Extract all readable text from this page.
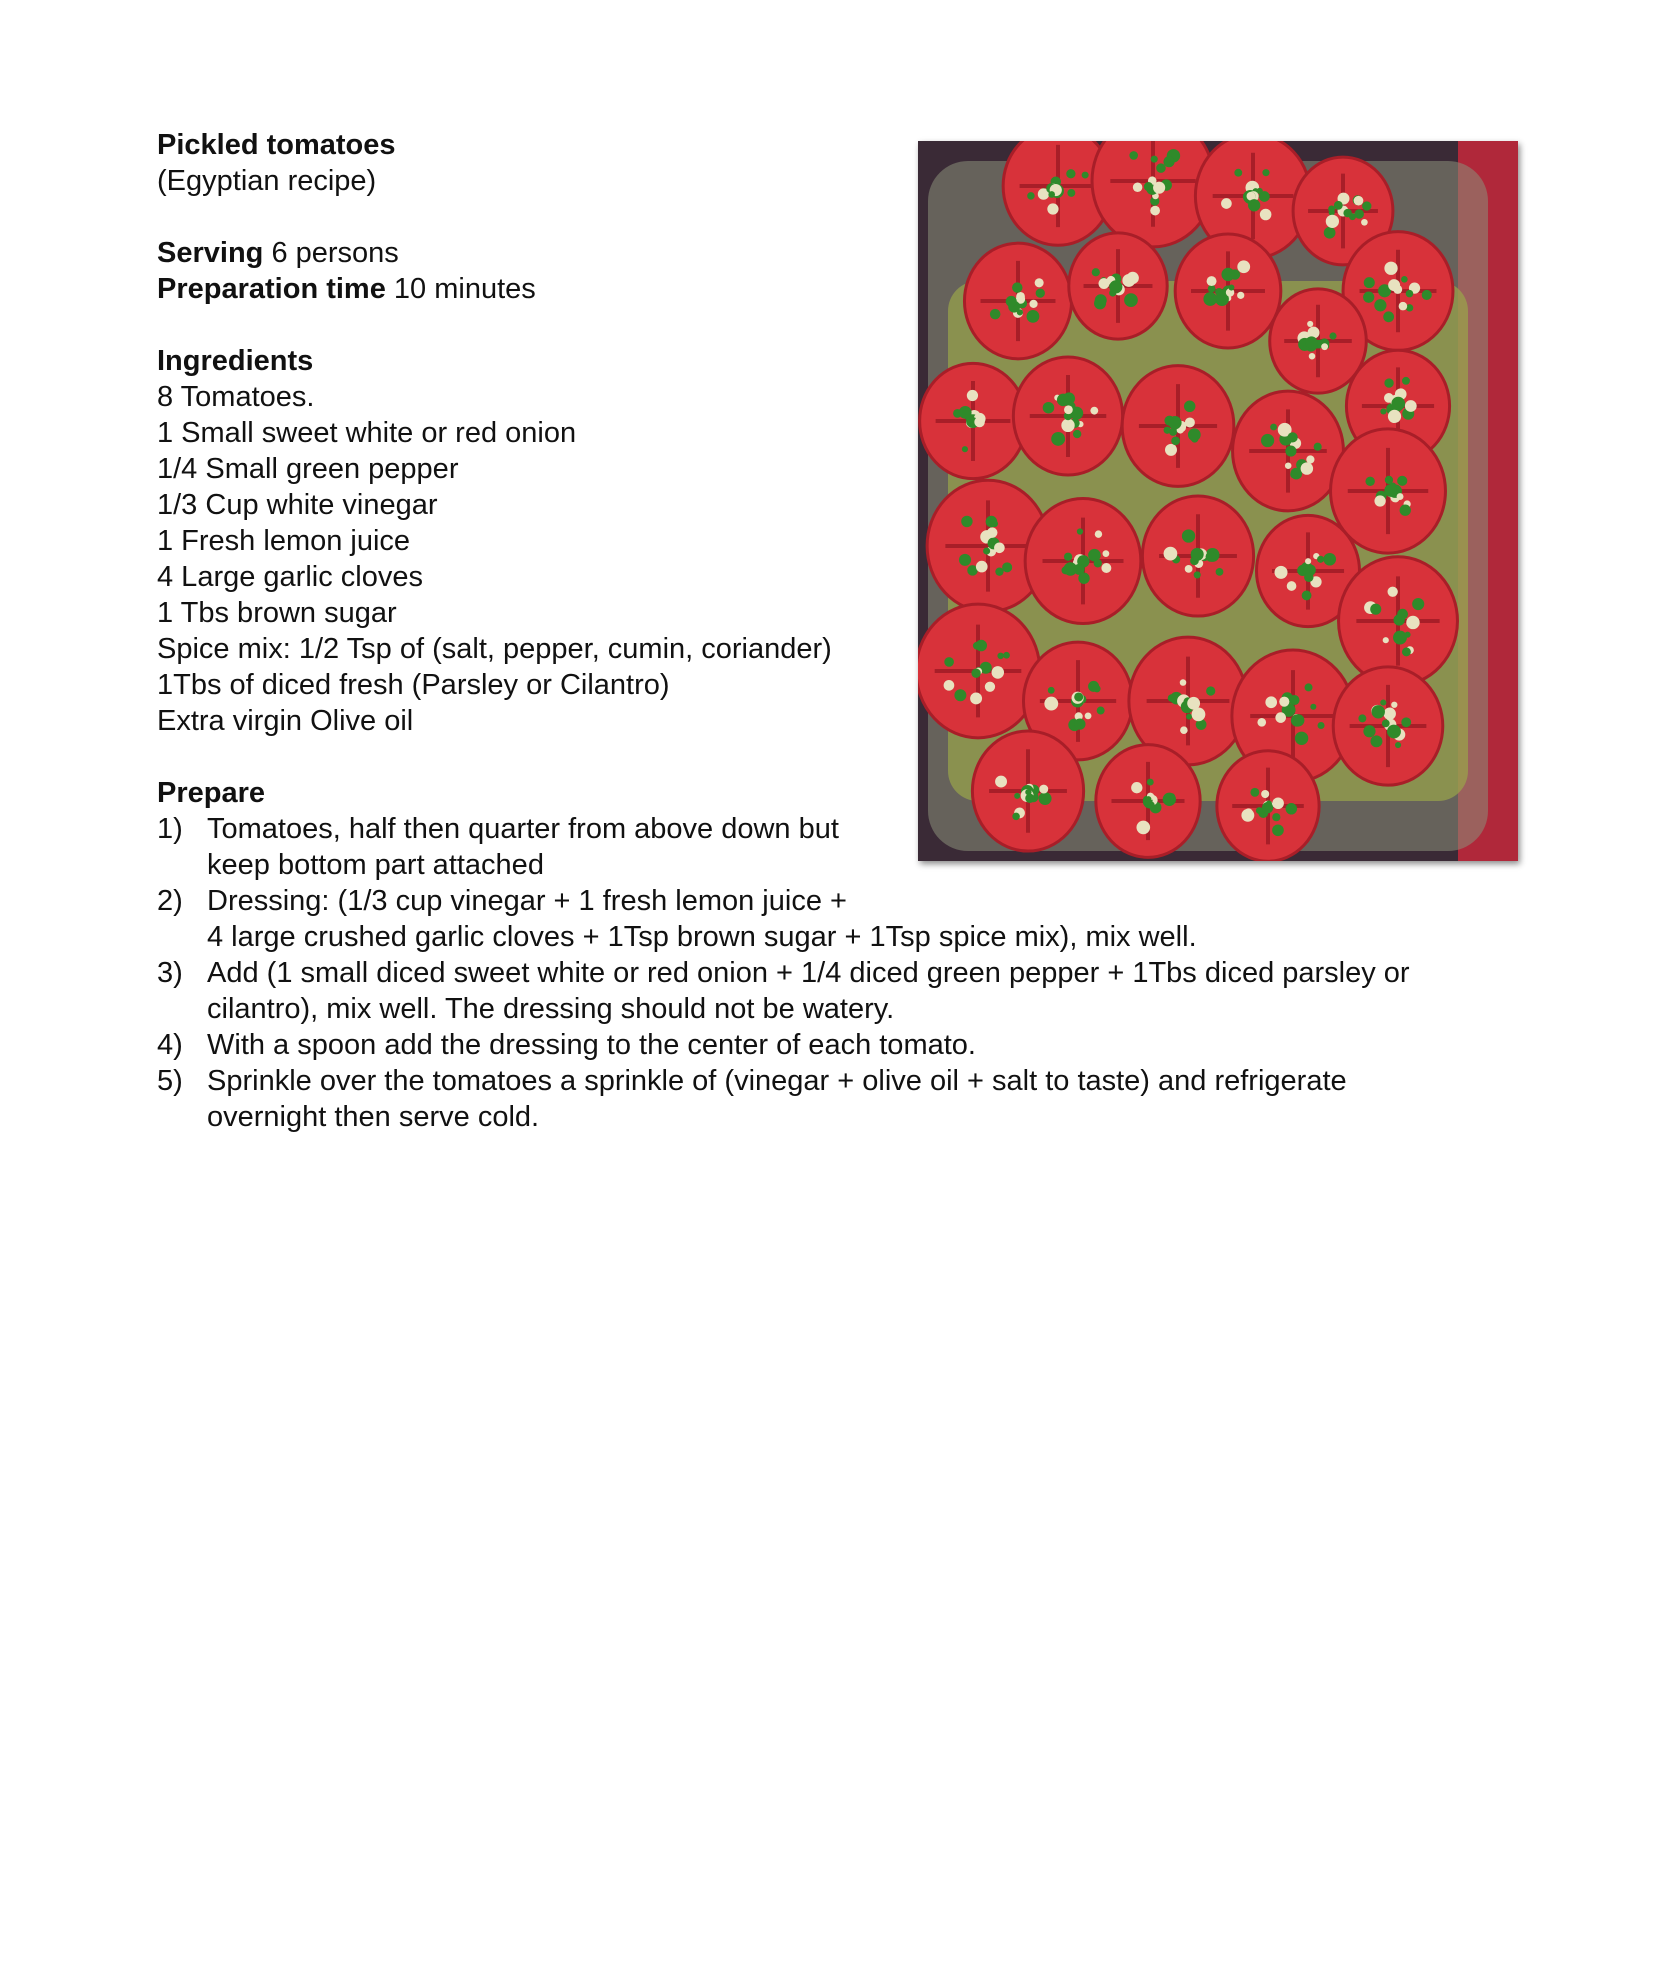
Pickled tomatoes
(Egyptian recipe)
Serving 6 persons
Preparation time 10 minutes
Ingredients
8 Tomatoes.
1 Small sweet white or red onion
1/4 Small green pepper
1/3 Cup white vinegar
1 Fresh lemon juice
4 Large garlic cloves
1 Tbs brown sugar
Spice mix: 1/2 Tsp of (salt, pepper, cumin, coriander)
1Tbs of diced fresh (Parsley or Cilantro)
Extra virgin Olive oil
Prepare
1) Tomatoes, half then quarter from above down but
keep bottom part attached
2) Dressing: (1/3 cup vinegar + 1 fresh lemon juice +
4 large crushed garlic cloves + 1Tsp brown sugar + 1Tsp spice mix), mix well.
3) Add (1 small diced sweet white or red onion + 1/4 diced green pepper + 1Tbs diced parsley or
cilantro), mix well. The dressing should not be watery.
4) With a spoon add the dressing to the center of each tomato.
5) Sprinkle over the tomatoes a sprinkle of (vinegar + olive oil + salt to taste) and refrigerate
overnight then serve cold.
